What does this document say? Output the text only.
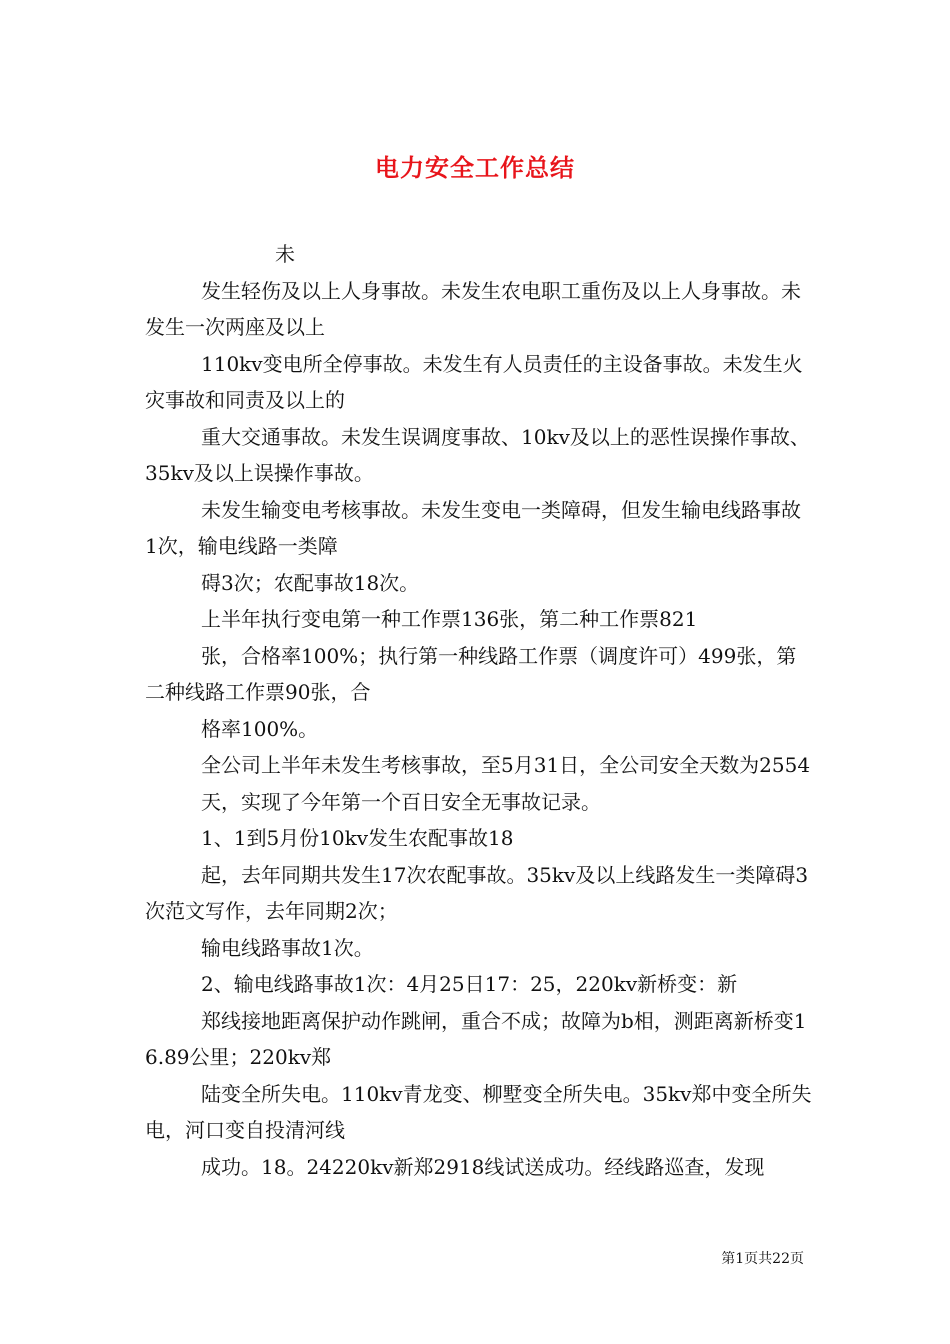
电力安全工作总结

未

发生轻伤及以上人身事故。未发生农电职工重伤及以上人身事故。未发生一次两座及以上

110kv变电所全停事故。未发生有人员责任的主设备事故。未发生火灾事故和同责及以上的

重大交通事故。未发生误调度事故、10kv及以上的恶性误操作事故、35kv及以上误操作事故。

未发生输变电考核事故。未发生变电一类障碍，但发生输电线路事故1次，输电线路一类障

碍3次；农配事故18次。

上半年执行变电第一种工作票136张，第二种工作票821

张，合格率100%；执行第一种线路工作票（调度许可）499张，第二种线路工作票90张，合

格率100%。

全公司上半年未发生考核事故，至5月31日，全公司安全天数为2554

天，实现了今年第一个百日安全无事故记录。

1、1到5月份10kv发生农配事故18

起，去年同期共发生17次农配事故。35kv及以上线路发生一类障碍3次范文写作，去年同期2次；

输电线路事故1次。

2、输电线路事故1次：4月25日17：25，220kv新桥变：新

郑线接地距离保护动作跳闸，重合不成；故障为b相，测距离新桥变16.89公里；220kv郑

陆变全所失电。110kv青龙变、柳墅变全所失电。35kv郑中变全所失电，河口变自投清河线

成功。18。24220kv新郑2918线试送成功。经线路巡查，发现

第1页共22页
